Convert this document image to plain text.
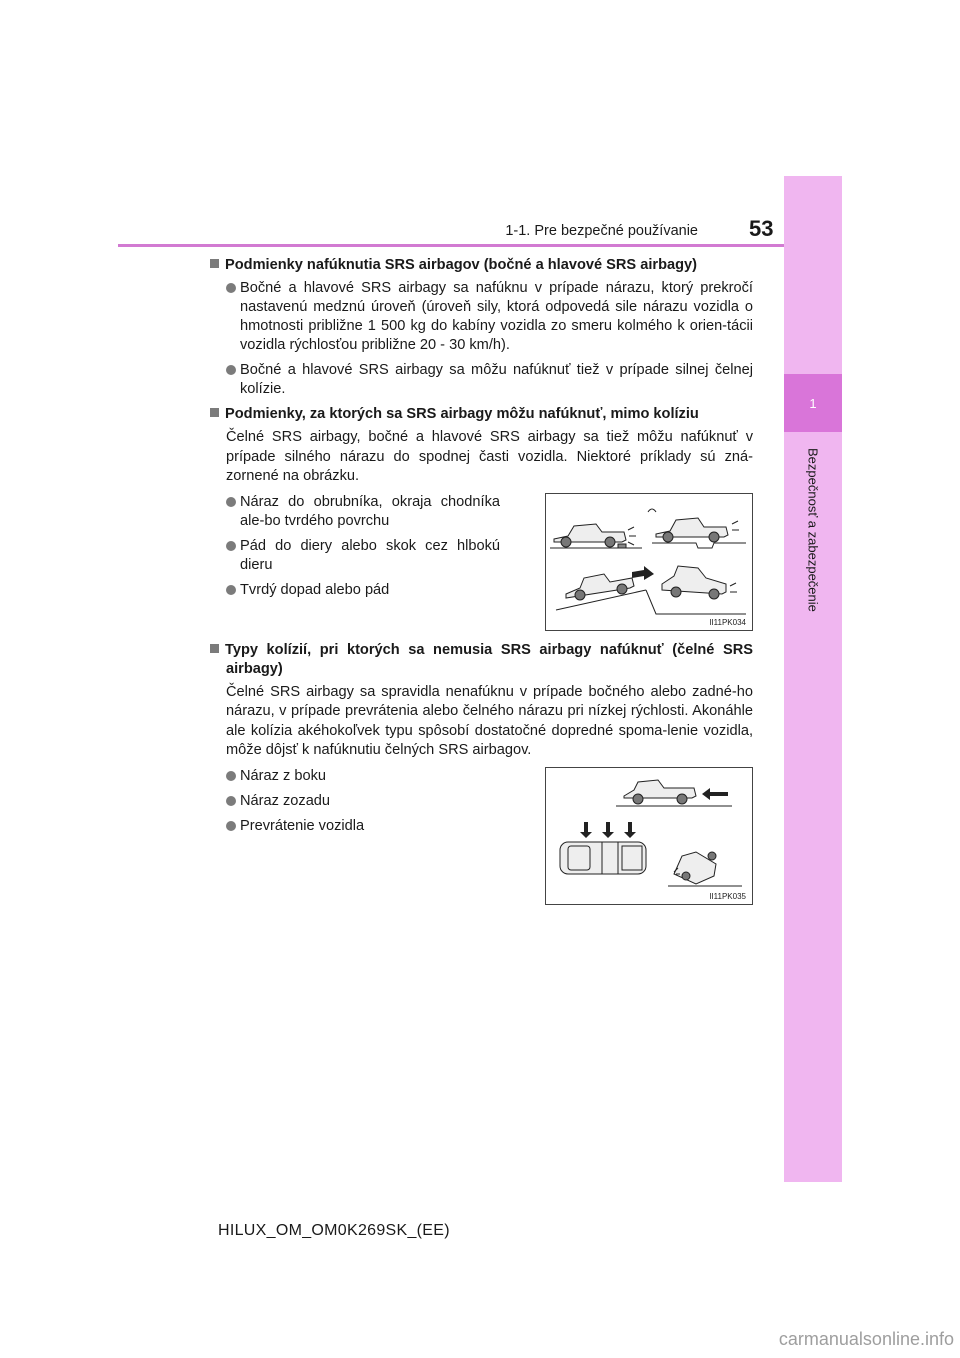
1
Bezpečnosť a zabezpečenie
1-1. Pre bezpečné používanie 53
Podmienky nafúknutia SRS airbagov (bočné a hlavové SRS airbagy)
Bočné a hlavové SRS airbagy sa nafúknu v prípade nárazu, ktorý prekročí nastavenú medznú úroveň (úroveň sily, ktorá odpovedá sile nárazu vozidla o hmotnosti približne 1 500 kg do kabíny vozidla zo smeru kolmého k orien-tácii vozidla rýchlosťou približne 20 - 30 km/h).
Bočné a hlavové SRS airbagy sa môžu nafúknuť tiež v prípade silnej čelnej kolízie.
Podmienky, za ktorých sa SRS airbagy môžu nafúknuť, mimo kolíziu
Čelné SRS airbagy, bočné a hlavové SRS airbagy sa tiež môžu nafúknuť v prípade silného nárazu do spodnej časti vozidla. Niektoré príklady sú zná-zornené na obrázku.
Náraz do obrubníka, okraja chodníka ale-bo tvrdého povrchu
Pád do diery alebo skok cez hlbokú dieru
Tvrdý dopad alebo pád
II11PK034
Typy kolízií, pri ktorých sa nemusia SRS airbagy nafúknuť (čelné SRS airbagy)
Čelné SRS airbagy sa spravidla nenafúknu v prípade bočného alebo zadné-ho nárazu, v prípade prevrátenia alebo čelného nárazu pri nízkej rýchlosti. Akonáhle ale kolízia akéhokoľvek typu spôsobí dostatočné dopredné spoma-lenie vozidla, môže dôjsť k nafúknutiu čelných SRS airbagov.
Náraz z boku
Náraz zozadu
Prevrátenie vozidla
II11PK035
HILUX_OM_OM0K269SK_(EE)
carmanualsonline.info
